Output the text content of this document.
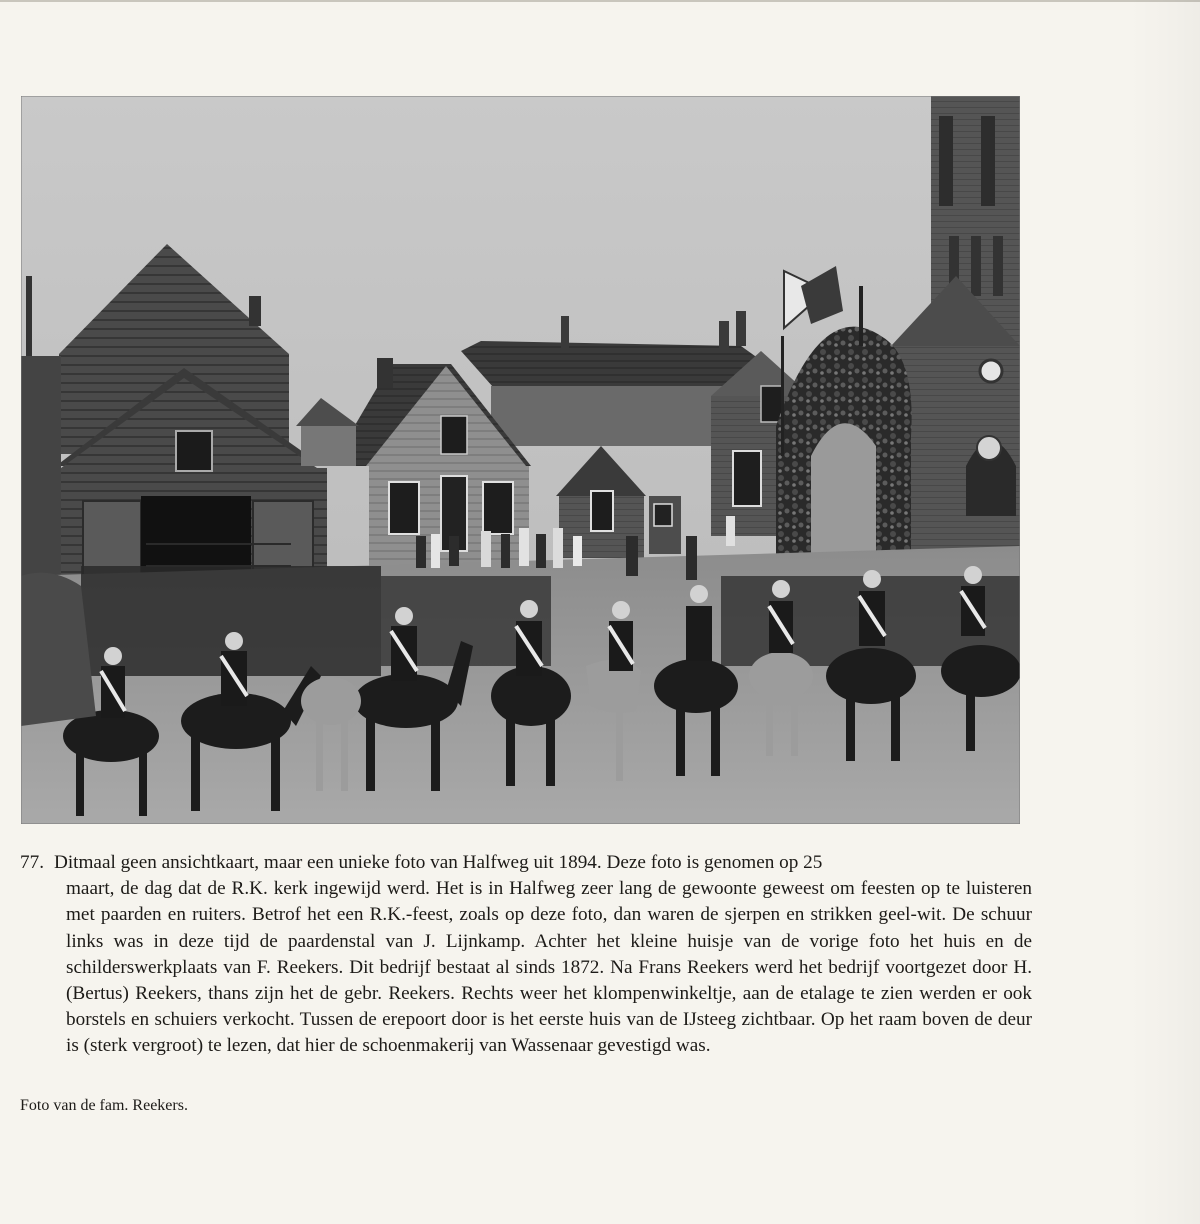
77. Ditmaal geen ansichtkaart, maar een unieke foto van Halfweg uit 1894. Deze foto is genomen op 25

maart, de dag dat de R.K. kerk ingewijd werd. Het is in Halfweg zeer lang de gewoonte geweest om feesten op te luisteren met paarden en ruiters. Betrof het een R.K.-feest, zoals op deze foto, dan waren de sjerpen en strikken geel-wit. De schuur links was in deze tijd de paardenstal van J. Lijnkamp. Achter het kleine huisje van de vorige foto het huis en de schilderswerkplaats van F. Reekers. Dit bedrijf bestaat al sinds 1872. Na Frans Reekers werd het bedrijf voortgezet door H. (Bertus) Reekers, thans zijn het de gebr. Reekers. Rechts weer het klompenwinkeltje, aan de etalage te zien werden er ook borstels en schuiers verkocht. Tussen de erepoort door is het eerste huis van de IJsteeg zichtbaar. Op het raam boven de deur is (sterk vergroot) te lezen, dat hier de schoenmakerij van Wassenaar gevestigd was.

Foto van de fam. Reekers.
